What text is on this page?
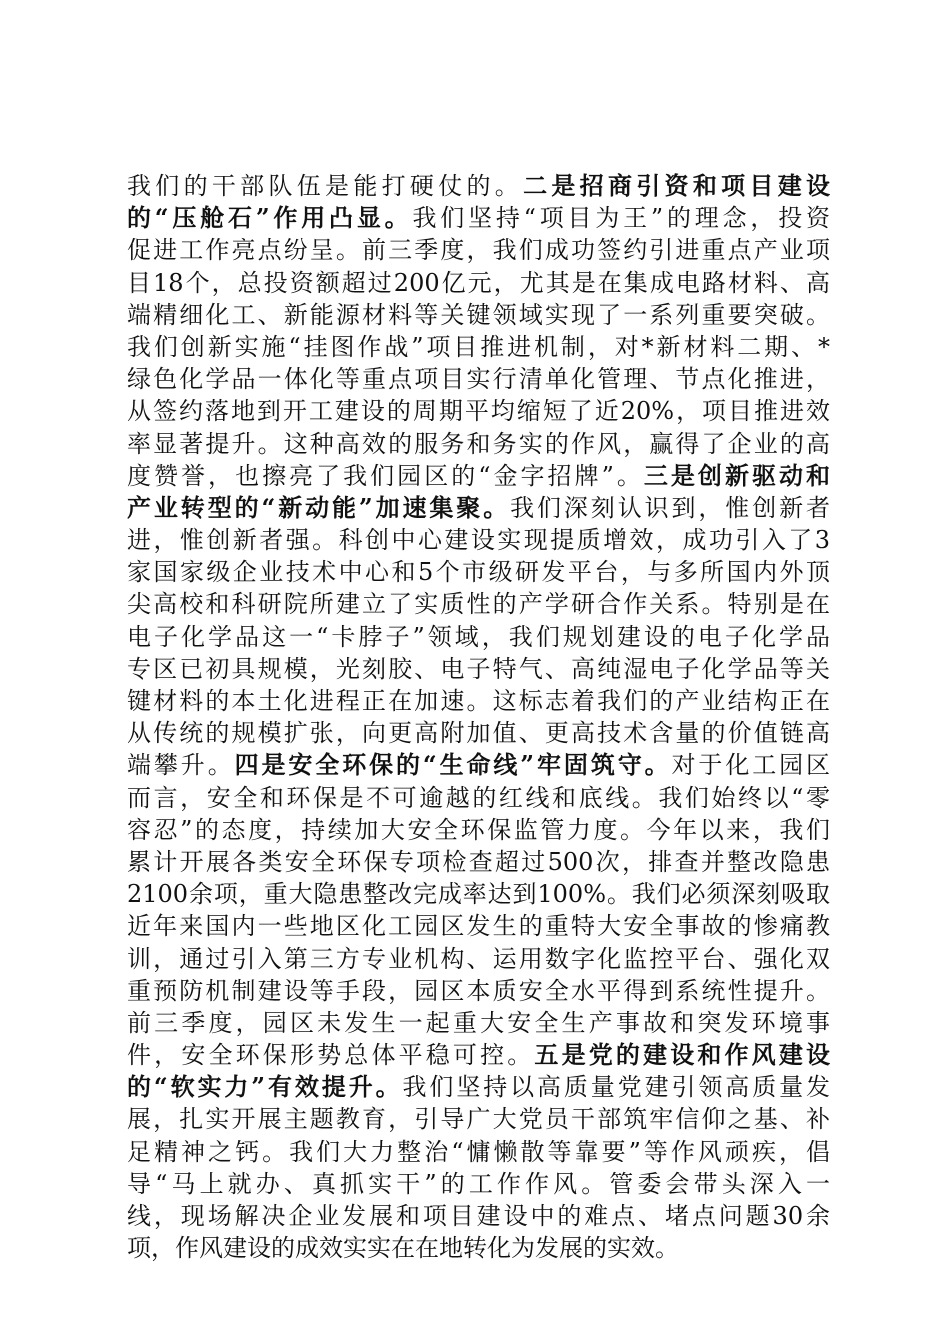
我们的干部队伍是能打硬仗的。二是招商引资和项目建设
的“压舱石”作用凸显。我们坚持“项目为王”的理念，投资
促进工作亮点纷呈。前三季度，我们成功签约引进重点产业项
目18个，总投资额超过200亿元，尤其是在集成电路材料、高
端精细化工、新能源材料等关键领域实现了一系列重要突破。
我们创新实施“挂图作战”项目推进机制，对*新材料二期、*
绿色化学品一体化等重点项目实行清单化管理、节点化推进，
从签约落地到开工建设的周期平均缩短了近20%，项目推进效
率显著提升。这种高效的服务和务实的作风，赢得了企业的高
度赞誉，也擦亮了我们园区的“金字招牌”。三是创新驱动和
产业转型的“新动能”加速集聚。我们深刻认识到，惟创新者
进，惟创新者强。科创中心建设实现提质增效，成功引入了3
家国家级企业技术中心和5个市级研发平台，与多所国内外顶
尖高校和科研院所建立了实质性的产学研合作关系。特别是在
电子化学品这一“卡脖子”领域，我们规划建设的电子化学品
专区已初具规模，光刻胶、电子特气、高纯湿电子化学品等关
键材料的本土化进程正在加速。这标志着我们的产业结构正在
从传统的规模扩张，向更高附加值、更高技术含量的价值链高
端攀升。四是安全环保的“生命线”牢固筑守。对于化工园区
而言，安全和环保是不可逾越的红线和底线。我们始终以“零
容忍”的态度，持续加大安全环保监管力度。今年以来，我们
累计开展各类安全环保专项检查超过500次，排查并整改隐患
2100余项，重大隐患整改完成率达到100%。我们必须深刻吸取
近年来国内一些地区化工园区发生的重特大安全事故的惨痛教
训，通过引入第三方专业机构、运用数字化监控平台、强化双
重预防机制建设等手段，园区本质安全水平得到系统性提升。
前三季度，园区未发生一起重大安全生产事故和突发环境事
件，安全环保形势总体平稳可控。五是党的建设和作风建设
的“软实力”有效提升。我们坚持以高质量党建引领高质量发
展，扎实开展主题教育，引导广大党员干部筑牢信仰之基、补
足精神之钙。我们大力整治“慵懒散等靠要”等作风顽疾，倡
导“马上就办、真抓实干”的工作作风。管委会带头深入一
线，现场解决企业发展和项目建设中的难点、堵点问题30余
项，作风建设的成效实实在在地转化为发展的实效。
